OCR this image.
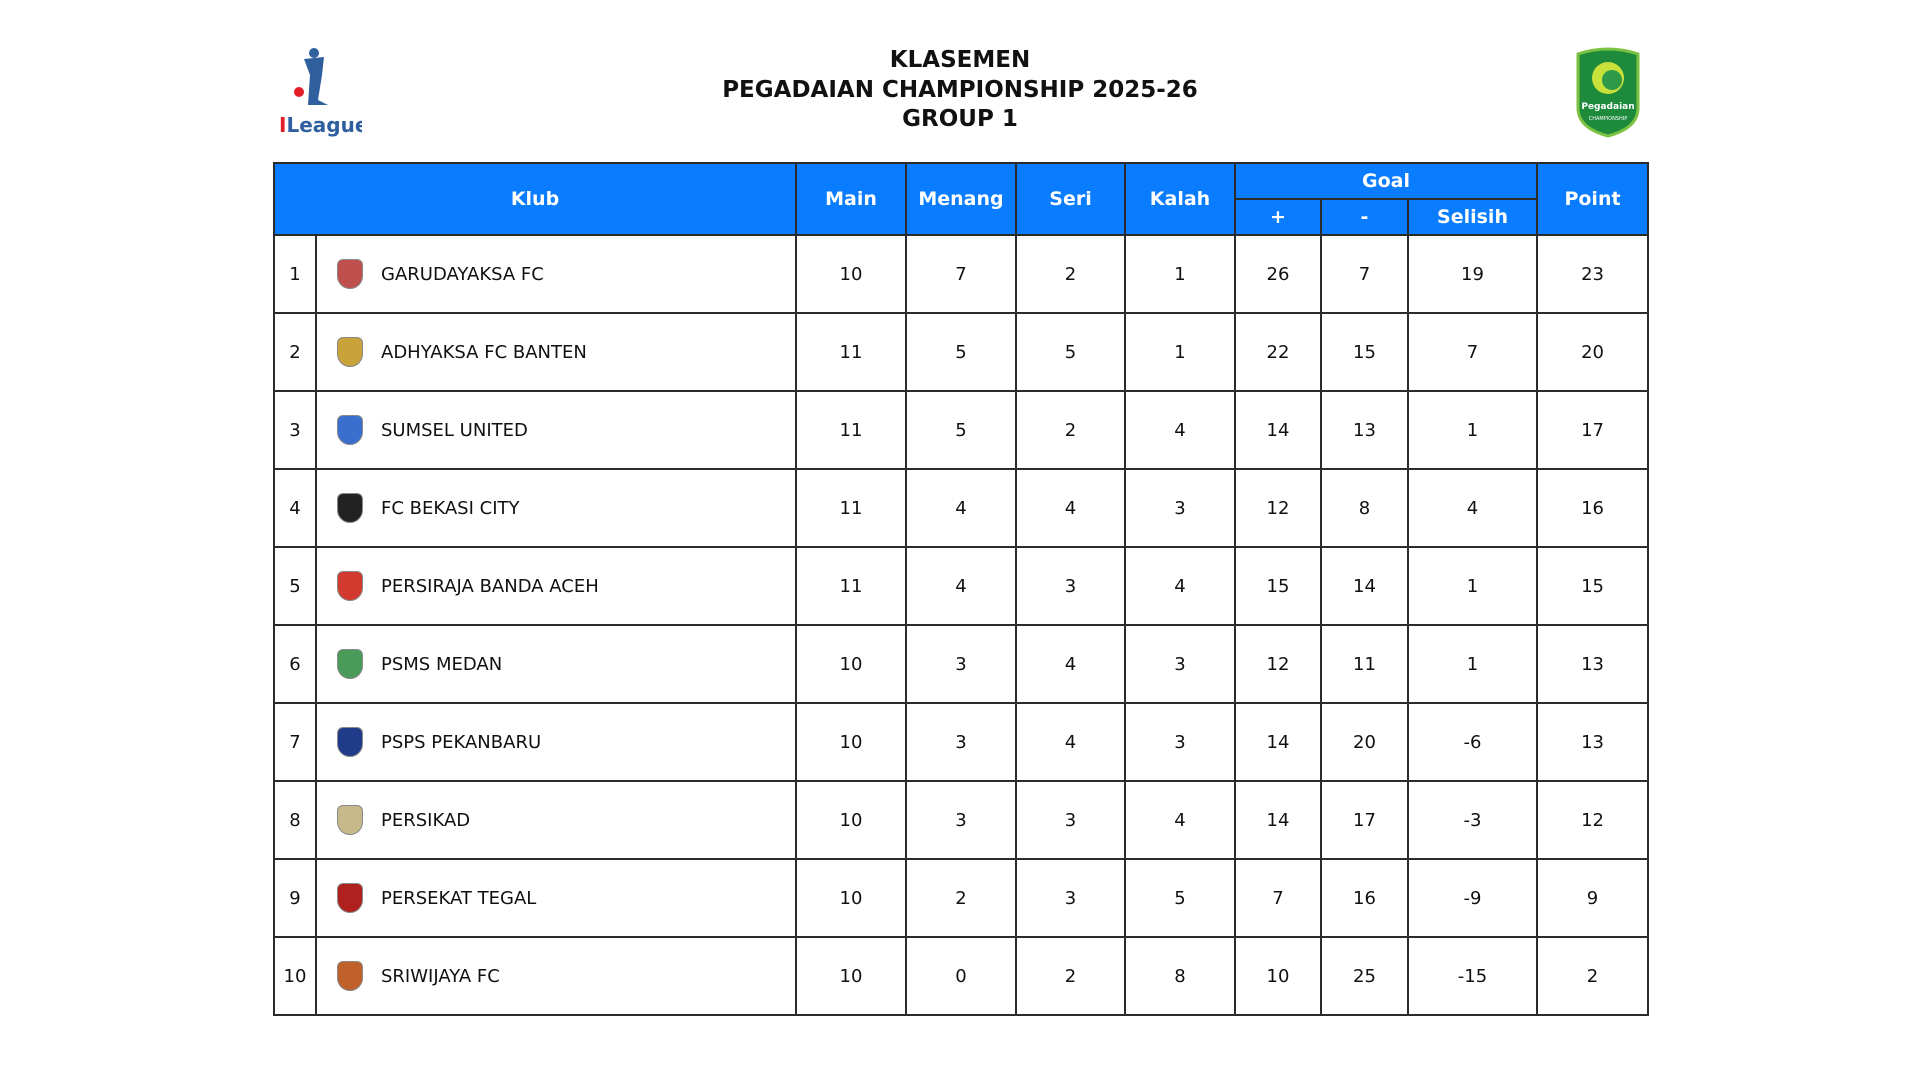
ILeague
KLASEMEN
PEGADAIAN CHAMPIONSHIP 2025-26
GROUP 1	Pegadaian
CHAMPIONSHIP
Klub		Main	Menang	Seri	Kalah	Goal			Point
						+	-	Selisih	
1	GARUDAYAKSA FC	10	7	2	1	26	7	19	23
2	ADHYAKSA FC BANTEN	11	5	5	1	22	15	7	20
3	SUMSEL UNITED	11	5	2	4	14	13	1	17
4	FC BEKASI CITY	11	4	4	3	12	8	4	16
5	PERSIRAJA BANDA ACEH	11	4	3	4	15	14	1	15
6	PSMS MEDAN	10	3	4	3	12	11	1	13
7	PSPS PEKANBARU	10	3	4	3	14	20	-6	13
8	PERSIKAD	10	3	3	4	14	17	-3	12
9	PERSEKAT TEGAL	10	2	3	5	7	16	-9	9
10	SRIWIJAYA FC	10	0	2	8	10	25	-15	2
